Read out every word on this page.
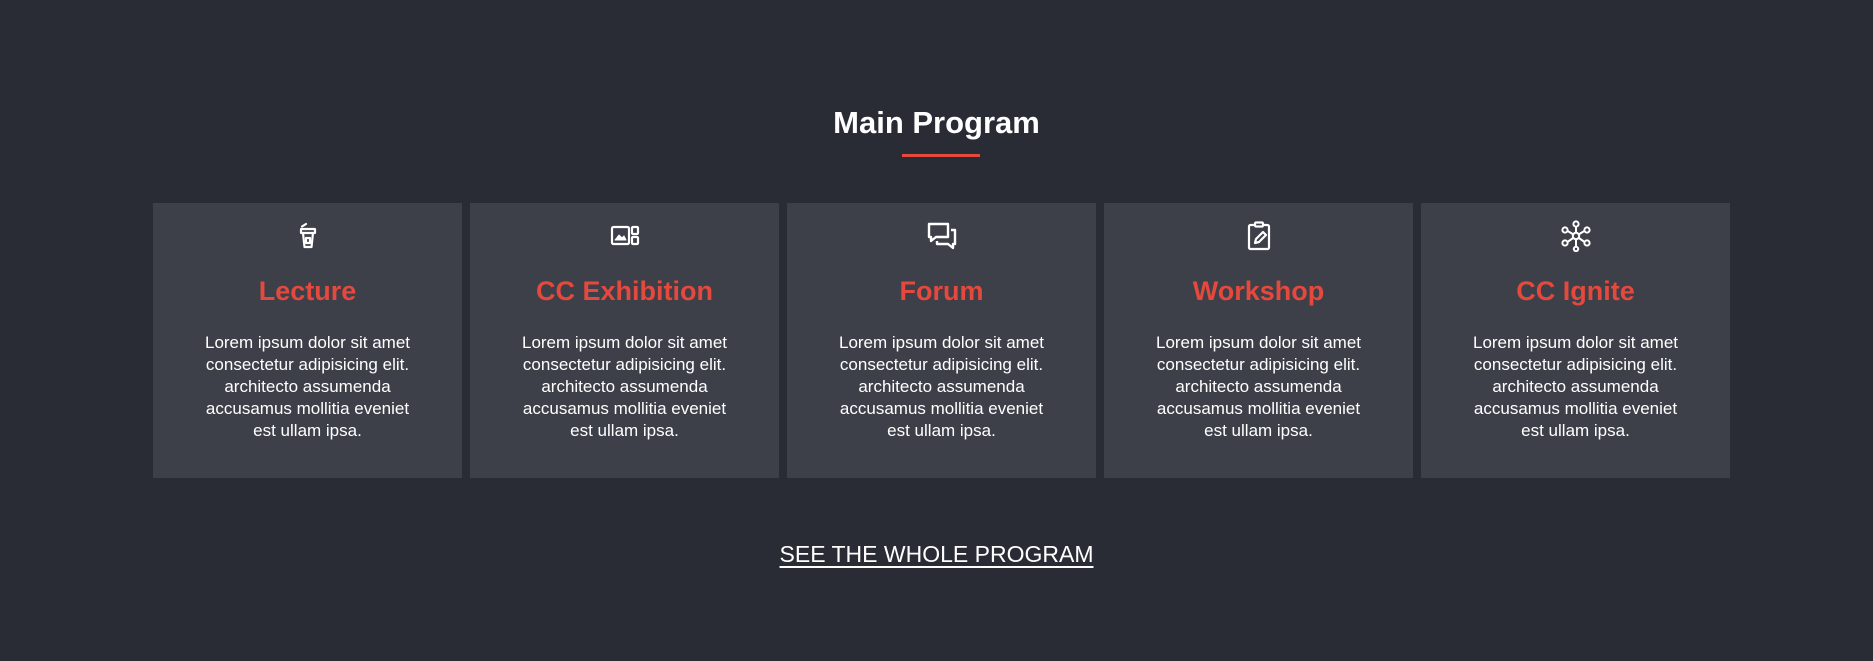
Main Program
Lecture
Lorem ipsum dolor sit amet consectetur adipisicing elit. architecto assumenda accusamus mollitia eveniet est ullam ipsa.
CC Exhibition
Lorem ipsum dolor sit amet consectetur adipisicing elit. architecto assumenda accusamus mollitia eveniet est ullam ipsa.
Forum
Lorem ipsum dolor sit amet consectetur adipisicing elit. architecto assumenda accusamus mollitia eveniet est ullam ipsa.
Workshop
Lorem ipsum dolor sit amet consectetur adipisicing elit. architecto assumenda accusamus mollitia eveniet est ullam ipsa.
CC Ignite
Lorem ipsum dolor sit amet consectetur adipisicing elit. architecto assumenda accusamus mollitia eveniet est ullam ipsa.
SEE THE WHOLE PROGRAM
